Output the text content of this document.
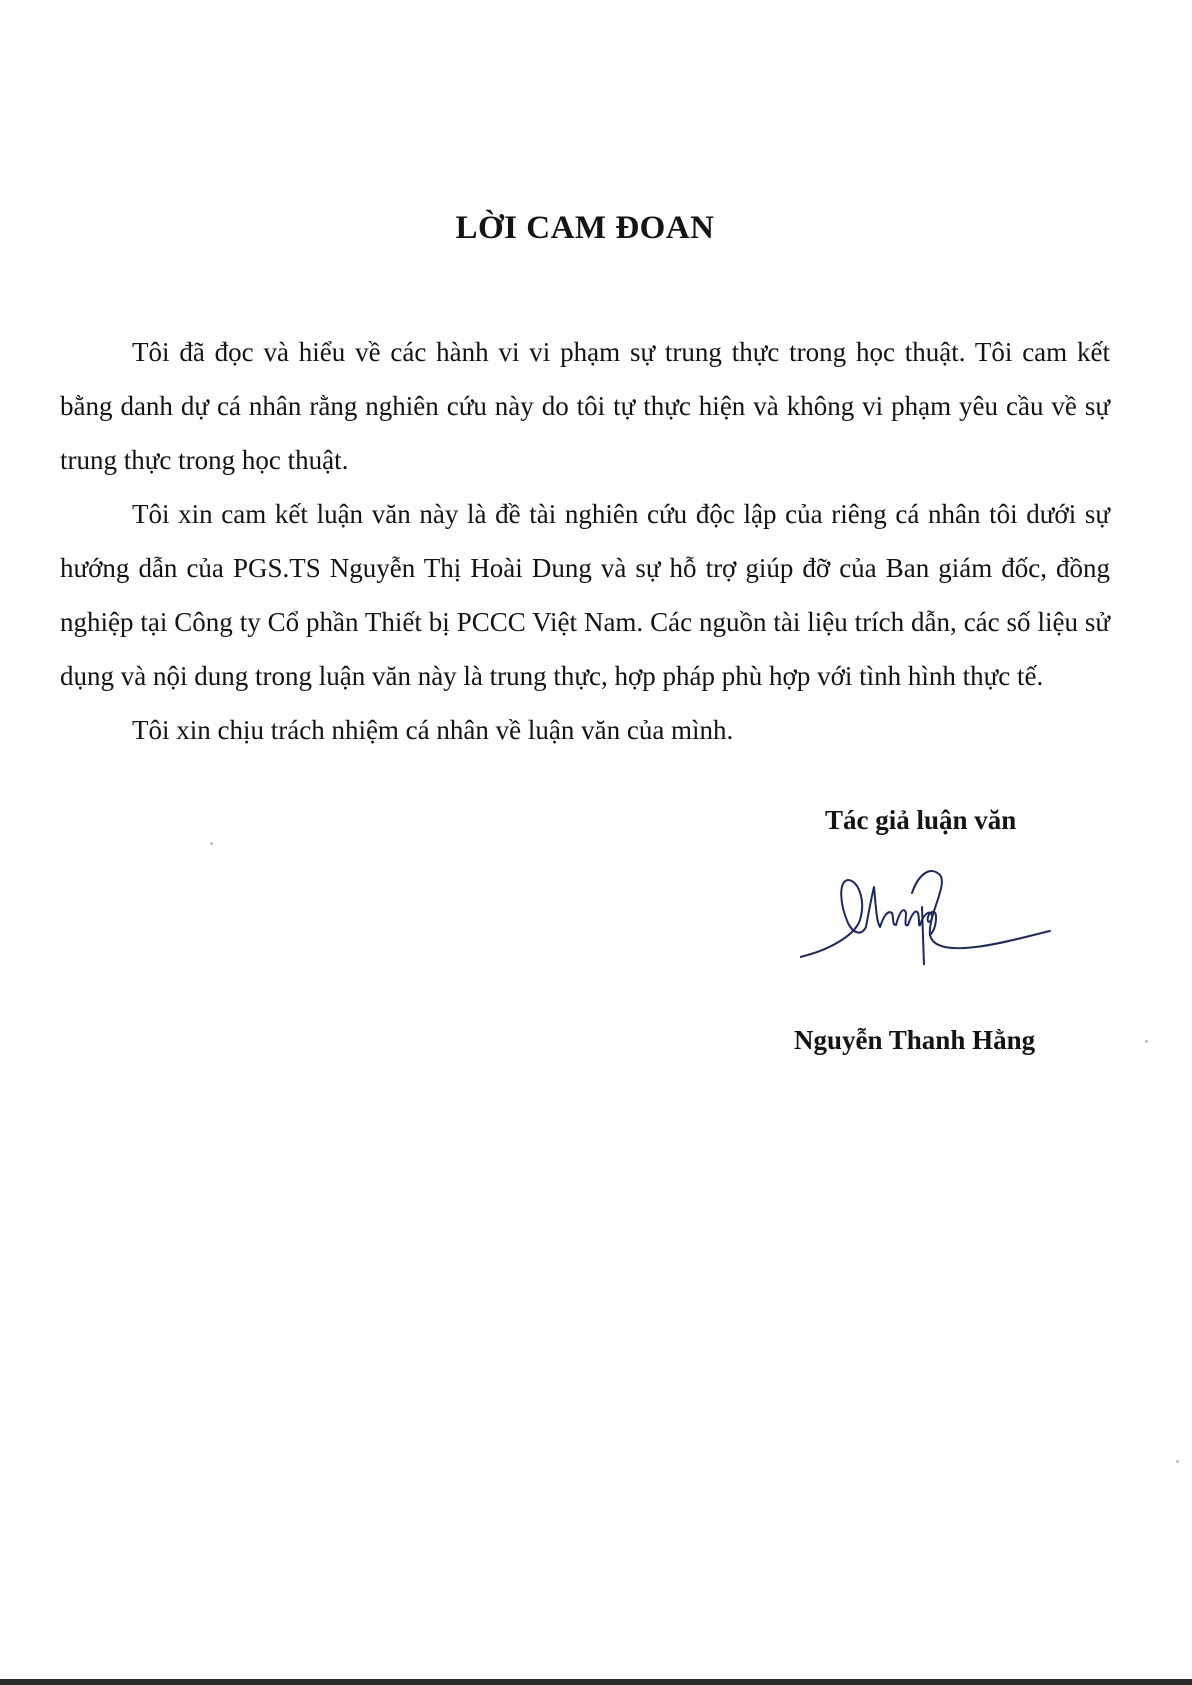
LỜI CAM ĐOAN

Tôi đã đọc và hiểu về các hành vi vi phạm sự trung thực trong học thuật. Tôi cam kết bằng danh dự cá nhân rằng nghiên cứu này do tôi tự thực hiện và không vi phạm yêu cầu về sự trung thực trong học thuật.

Tôi xin cam kết luận văn này là đề tài nghiên cứu độc lập của riêng cá nhân tôi dưới sự hướng dẫn của PGS.TS Nguyễn Thị Hoài Dung và sự hỗ trợ giúp đỡ của Ban giám đốc, đồng nghiệp tại Công ty Cổ phần Thiết bị PCCC Việt Nam. Các nguồn tài liệu trích dẫn, các số liệu sử dụng và nội dung trong luận văn này là trung thực, hợp pháp phù hợp với tình hình thực tế.

Tôi xin chịu trách nhiệm cá nhân về luận văn của mình.

Tác giả luận văn
Nguyễn Thanh Hằng
